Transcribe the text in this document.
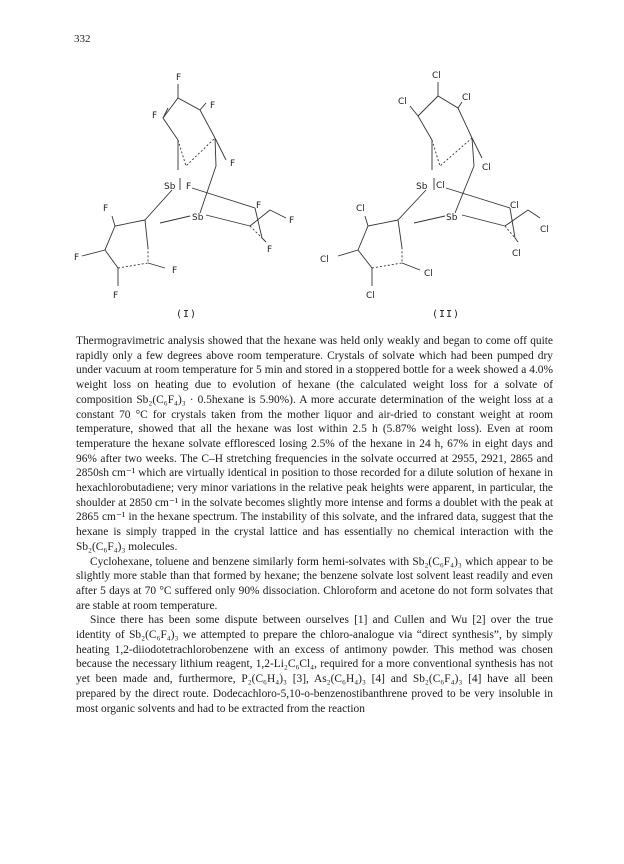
332
F
F
F
F
F
Sb
Sb
F	F
F
F
F
F
F
Cl
Cl	Cl
Cl
Cl
Sb
Sb
Cl	Cl
Cl
Cl
Cl
Cl
Cl
(I)	(II)

Thermogravimetric analysis showed that the hexane was held only weakly and began to come off quite rapidly only a few degrees above room temperature. Crystals of solvate which had been pumped dry under vacuum at room temperature for 5 min and stored in a stoppered bottle for a week showed a 4.0% weight loss on heating due to evolution of hexane (the calculated weight loss for a solvate of composition Sb₂(C₆F₄)₃ · 0.5hexane is 5.90%). A more accurate determination of the weight loss at a constant 70 °C for crystals taken from the mother liquor and air-dried to constant weight at room temperature, showed that all the hexane was lost within 2.5 h (5.87% weight loss). Even at room temperature the hexane solvate effloresced losing 2.5% of the hexane in 24 h, 67% in eight days and 96% after two weeks. The C–H stretching frequencies in the solvate occurred at 2955, 2921, 2865 and 2850sh cm⁻¹ which are virtually identical in position to those recorded for a dilute solution of hexane in hexachlorobutadiene; very minor variations in the relative peak heights were apparent, in particular, the shoulder at 2850 cm⁻¹ in the solvate becomes slightly more intense and forms a doublet with the peak at 2865 cm⁻¹ in the hexane spectrum. The instability of this solvate, and the infrared data, suggest that the hexane is simply trapped in the crystal lattice and has essentially no chemical interaction with the Sb₂(C₆F₄)₃ molecules.

Cyclohexane, toluene and benzene similarly form hemi-solvates with Sb₂(C₆F₄)₃ which appear to be slightly more stable than that formed by hexane; the benzene solvate lost solvent least readily and even after 5 days at 70 °C suffered only 90% dissociation. Chloroform and acetone do not form solvates that are stable at room temperature.

Since there has been some dispute between ourselves [1] and Cullen and Wu [2] over the true identity of Sb₂(C₆F₄)₃ we attempted to prepare the chloro-analogue via “direct synthesis”, by simply heating 1,2-diiodotetrachlorobenzene with an excess of antimony powder. This method was chosen because the necessary lithium reagent, 1,2-Li₂C₆Cl₄, required for a more conventional synthesis has not yet been made and, furthermore, P₂(C₆H₄)₃ [3], As₂(C₆H₄)₃ [4] and Sb₂(C₆F₄)₃ [4] have all been prepared by the direct route. Dodecachloro-5,10-o-benzenostibanthrene proved to be very insoluble in most organic solvents and had to be extracted from the reaction
